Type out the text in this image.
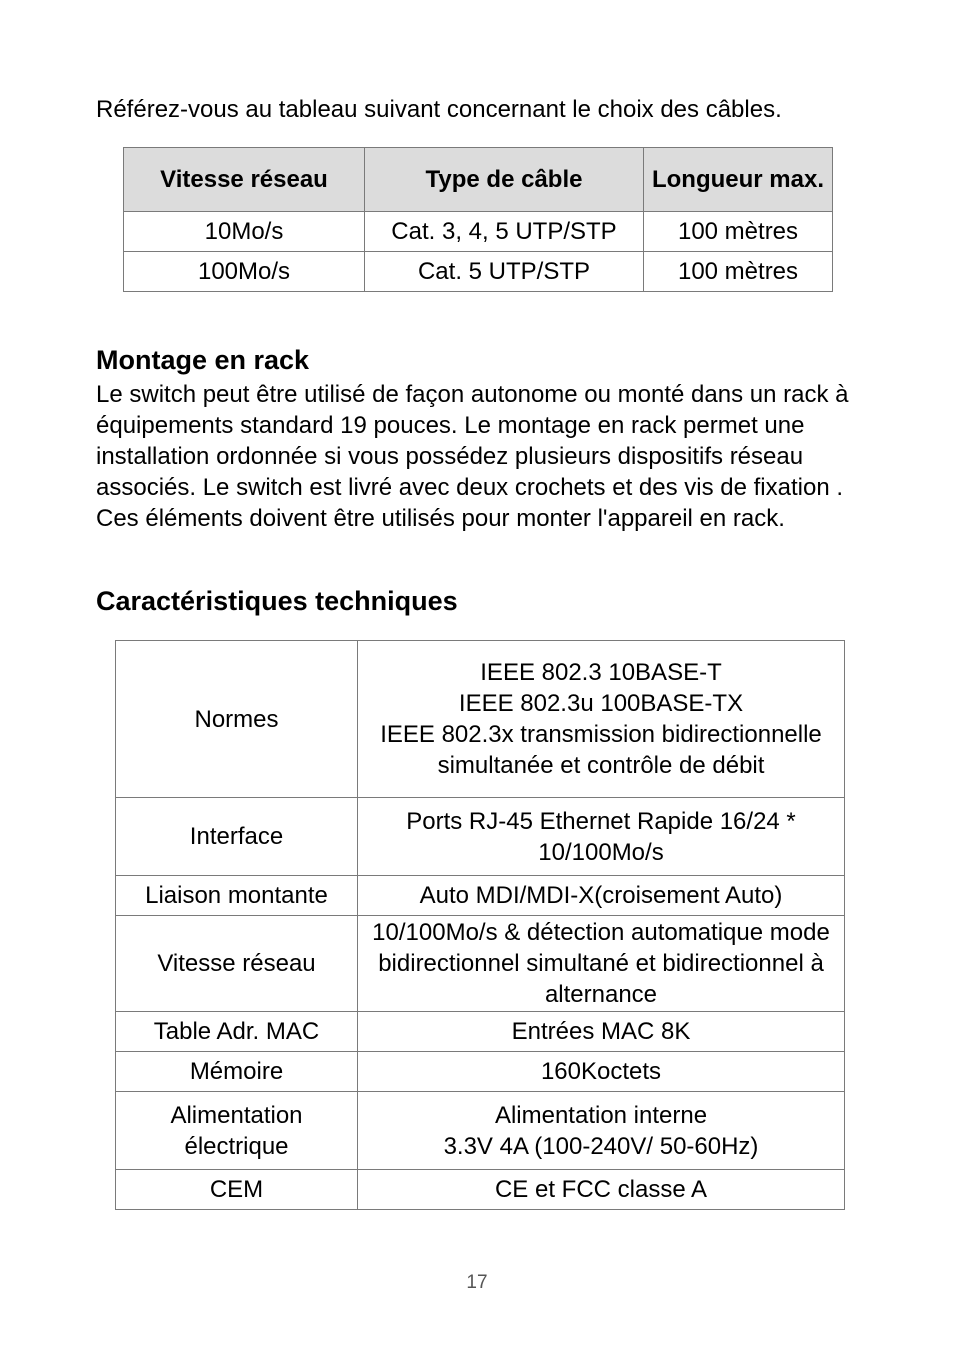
Référez-vous au tableau suivant concernant le choix des câbles.

Vitesse réseau	Type de câble	Longueur max.
10Mo/s	Cat. 3, 4, 5 UTP/STP	100 mètres
100Mo/s	Cat. 5 UTP/STP	100 mètres
Montage en rack

Le switch peut être utilisé de façon autonome ou monté dans un rack à équipements standard 19 pouces. Le montage en rack permet une installation ordonnée si vous possédez plusieurs dispositifs réseau associés. Le switch est livré avec deux crochets et des vis de fixation . Ces éléments doivent être utilisés pour monter l'appareil en rack.

Caractéristiques techniques
Normes	IEEE 802.3 10BASE-T
IEEE 802.3u 100BASE-TX
IEEE 802.3x transmission bidirectionnelle simultanée et contrôle de débit

Interface	Ports RJ-45 Ethernet Rapide 16/24 * 10/100Mo/s

Liaison montante	Auto MDI/MDI-X(croisement Auto)

Vitesse réseau	10/100Mo/s & détection automatique mode bidirectionnel simultané et bidirectionnel à alternance

Table Adr. MAC	Entrées MAC 8K

Mémoire	160Koctets

Alimentation électrique	Alimentation interne
3.3V 4A (100-240V/ 50-60Hz)

CEM	CE et FCC classe A
17
